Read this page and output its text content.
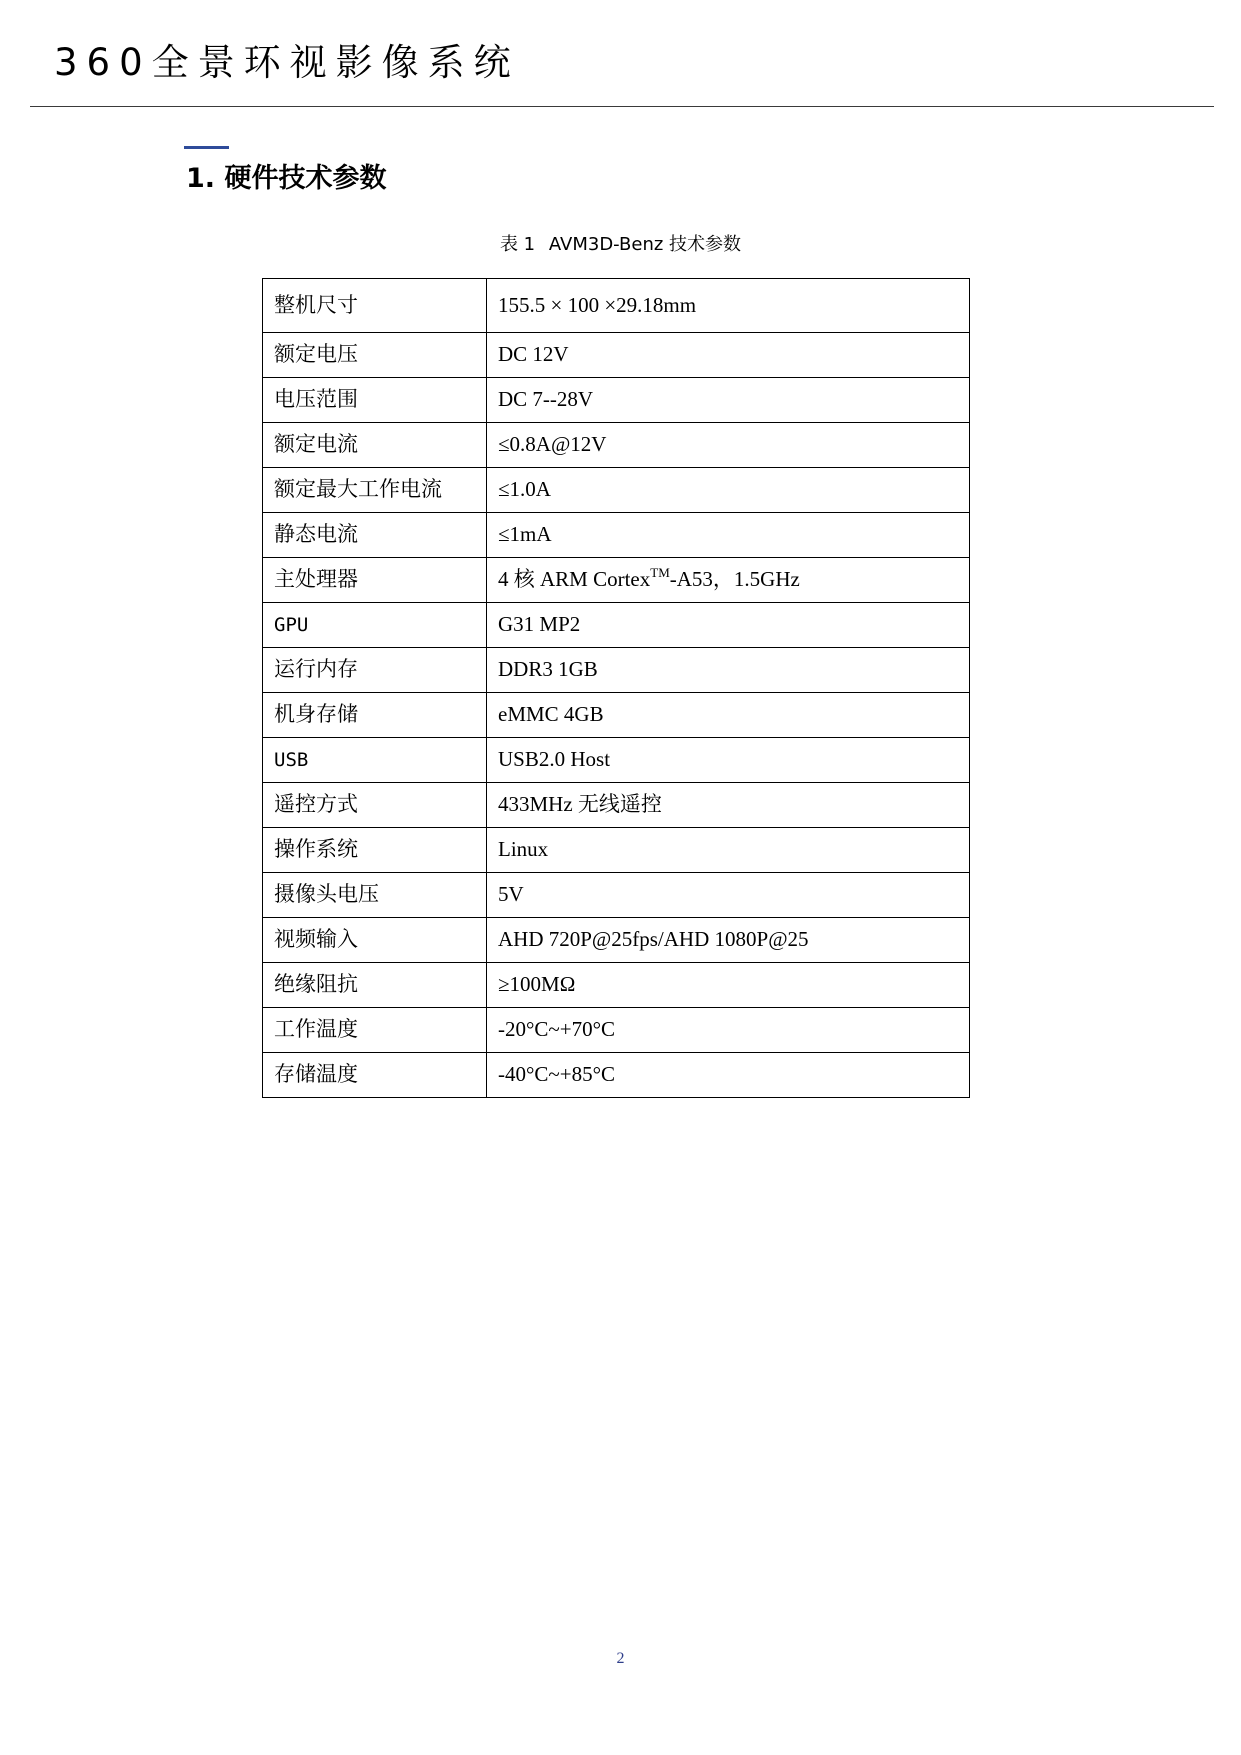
360全景环视影像系统
1. 硬件技术参数
表 1 AVM3D-Benz 技术参数
整机尺寸	155.5 × 100 ×29.18mm
额定电压	DC 12V
电压范围	DC 7--28V
额定电流	≤0.8A@12V
额定最大工作电流	≤1.0A
静态电流	≤1mA
主处理器	4 核 ARM Cortex™-A53，1.5GHz
GPU	G31 MP2
运行内存	DDR3 1GB
机身存储	eMMC 4GB
USB	USB2.0 Host
遥控方式	433MHz 无线遥控
操作系统	Linux
摄像头电压	5V
视频输入	AHD 720P@25fps/AHD 1080P@25
绝缘阻抗	≥100MΩ
工作温度	-20°C~+70°C
存储温度	-40°C~+85°C
2
